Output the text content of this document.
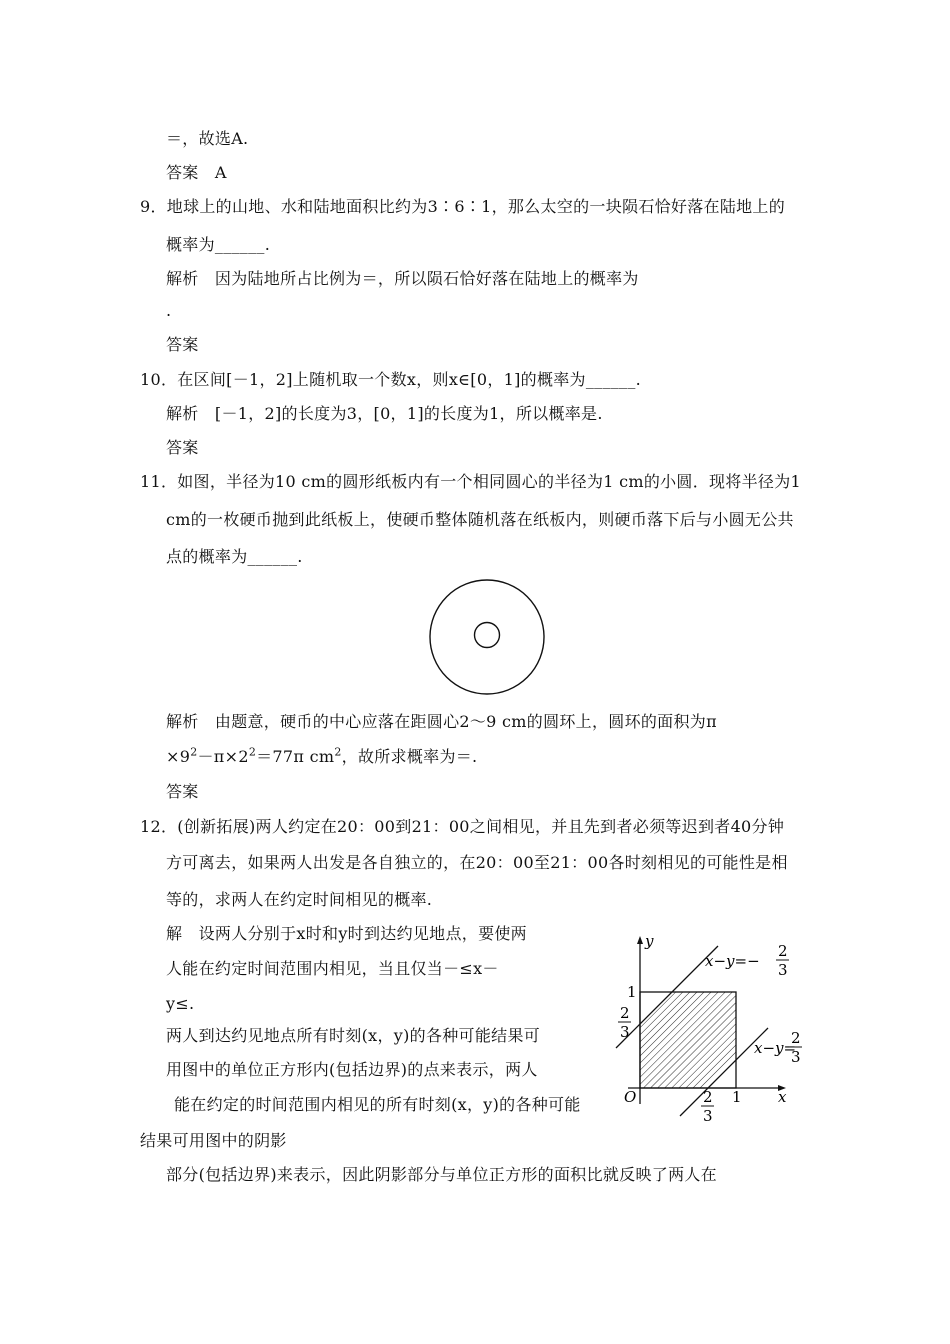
＝，故选A.
答案　A
9．地球上的山地、水和陆地面积比约为3∶6∶1，那么太空的一块陨石恰好落在陆地上的
概率为______.
解析　因为陆地所占比例为＝，所以陨石恰好落在陆地上的概率为
.
答案
10．在区间[－1，2]上随机取一个数x，则x∈[0，1]的概率为______.
解析　[－1，2]的长度为3，[0，1]的长度为1，所以概率是.
答案
11．如图，半径为10 cm的圆形纸板内有一个相同圆心的半径为1 cm的小圆．现将半径为1
cm的一枚硬币抛到此纸板上，使硬币整体随机落在纸板内，则硬币落下后与小圆无公共
点的概率为______.
解析　由题意，硬币的中心应落在距圆心2～9 cm的圆环上，圆环的面积为π
$\times 9^2-\pi\times 2^2=77\pi$ $cm^2$，故所求概率为＝.
答案
12．(创新拓展)两人约定在20：00到21：00之间相见，并且先到者必须等迟到者40分钟
方可离去，如果两人出发是各自独立的，在20：00至21：00各时刻相见的可能性是相
等的，求两人在约定时间相见的概率.
解　设两人分别于x时和y时到达约见地点，要使两
人能在约定时间范围内相见，当且仅当－≤x－
y≤.
两人到达约见地点所有时刻(x，y)的各种可能结果可
用图中的单位正方形内(包括边界)的点来表示，两人
能在约定的时间范围内相见的所有时刻(x，y)的各种可能
结果可用图中的阴影
部分(包括边界)来表示，因此阴影部分与单位正方形的面积比就反映了两人在
y
x
O
1
1
2
3
2
3
x−y=−
2
3
x−y=
2
3
